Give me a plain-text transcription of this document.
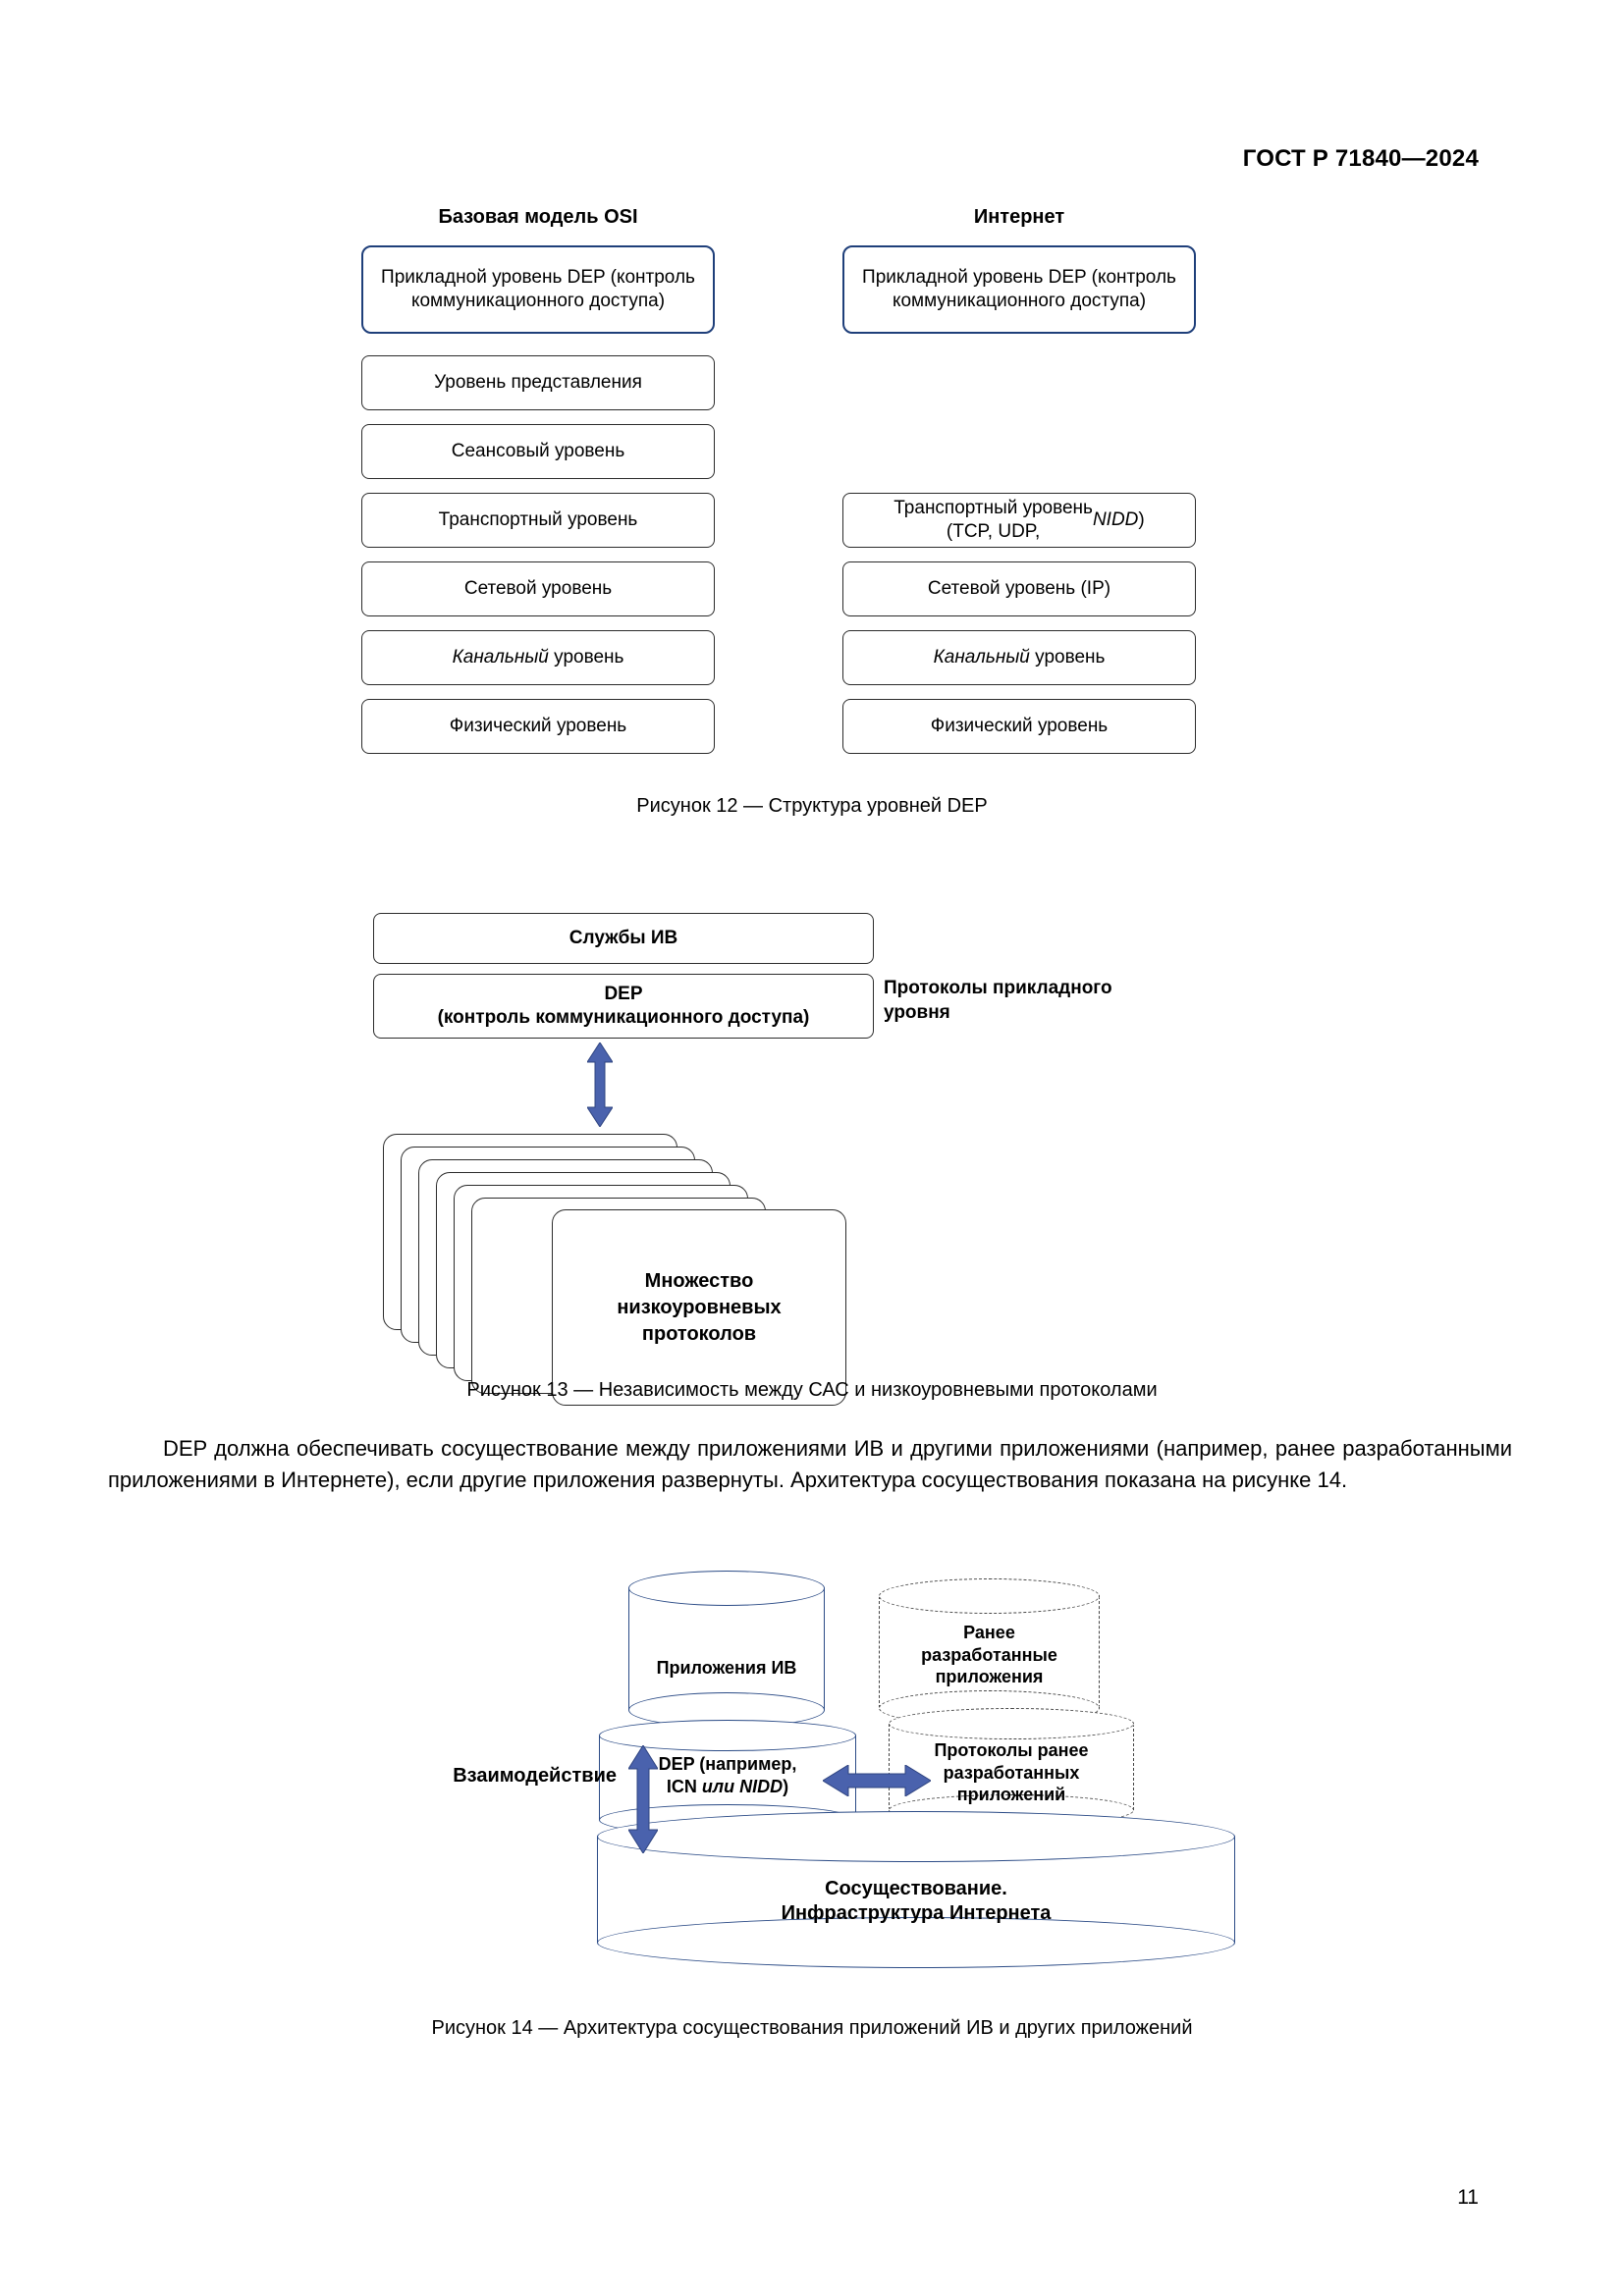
ГОСТ Р 71840—2024
Базовая модель OSI	Интернет
Прикладной уровень DEP (контроль коммуникационного доступа)
Уровень представления
Сеансовый уровень
Транспортный уровень
Сетевой уровень
Канальный уровень
Физический уровень
Прикладной уровень DEP (контроль коммуникационного доступа)
Транспортный уровень
(TCP, UDP,
NIDD )
Сетевой уровень (IP)
Канальный уровень
Физический уровень
Рисунок 12 — Структура уровней DEP
Службы ИВ
DEP
(контроль коммуникационного доступа)
Протоколы прикладного
уровня
Множество
низкоуровневых
протоколов
Рисунок 13 — Независимость между САС и низкоуровневыми протоколами
DEP должна обеспечивать сосуществование между приложениями ИВ и другими приложениями (например, ранее разработанными приложениями в Интернете), если другие приложения развернуты. Архитектура сосуществования показана на рисунке 14.
Ранее
разработанные
приложения
Протоколы ранее
разработанных
приложений
Приложения ИВ
DEP (например,
ICN или NIDD)
Сосуществование.
Инфраструктура Интернета
Взаимодействие
Рисунок 14 — Архитектура сосуществования приложений ИВ и других приложений
11
